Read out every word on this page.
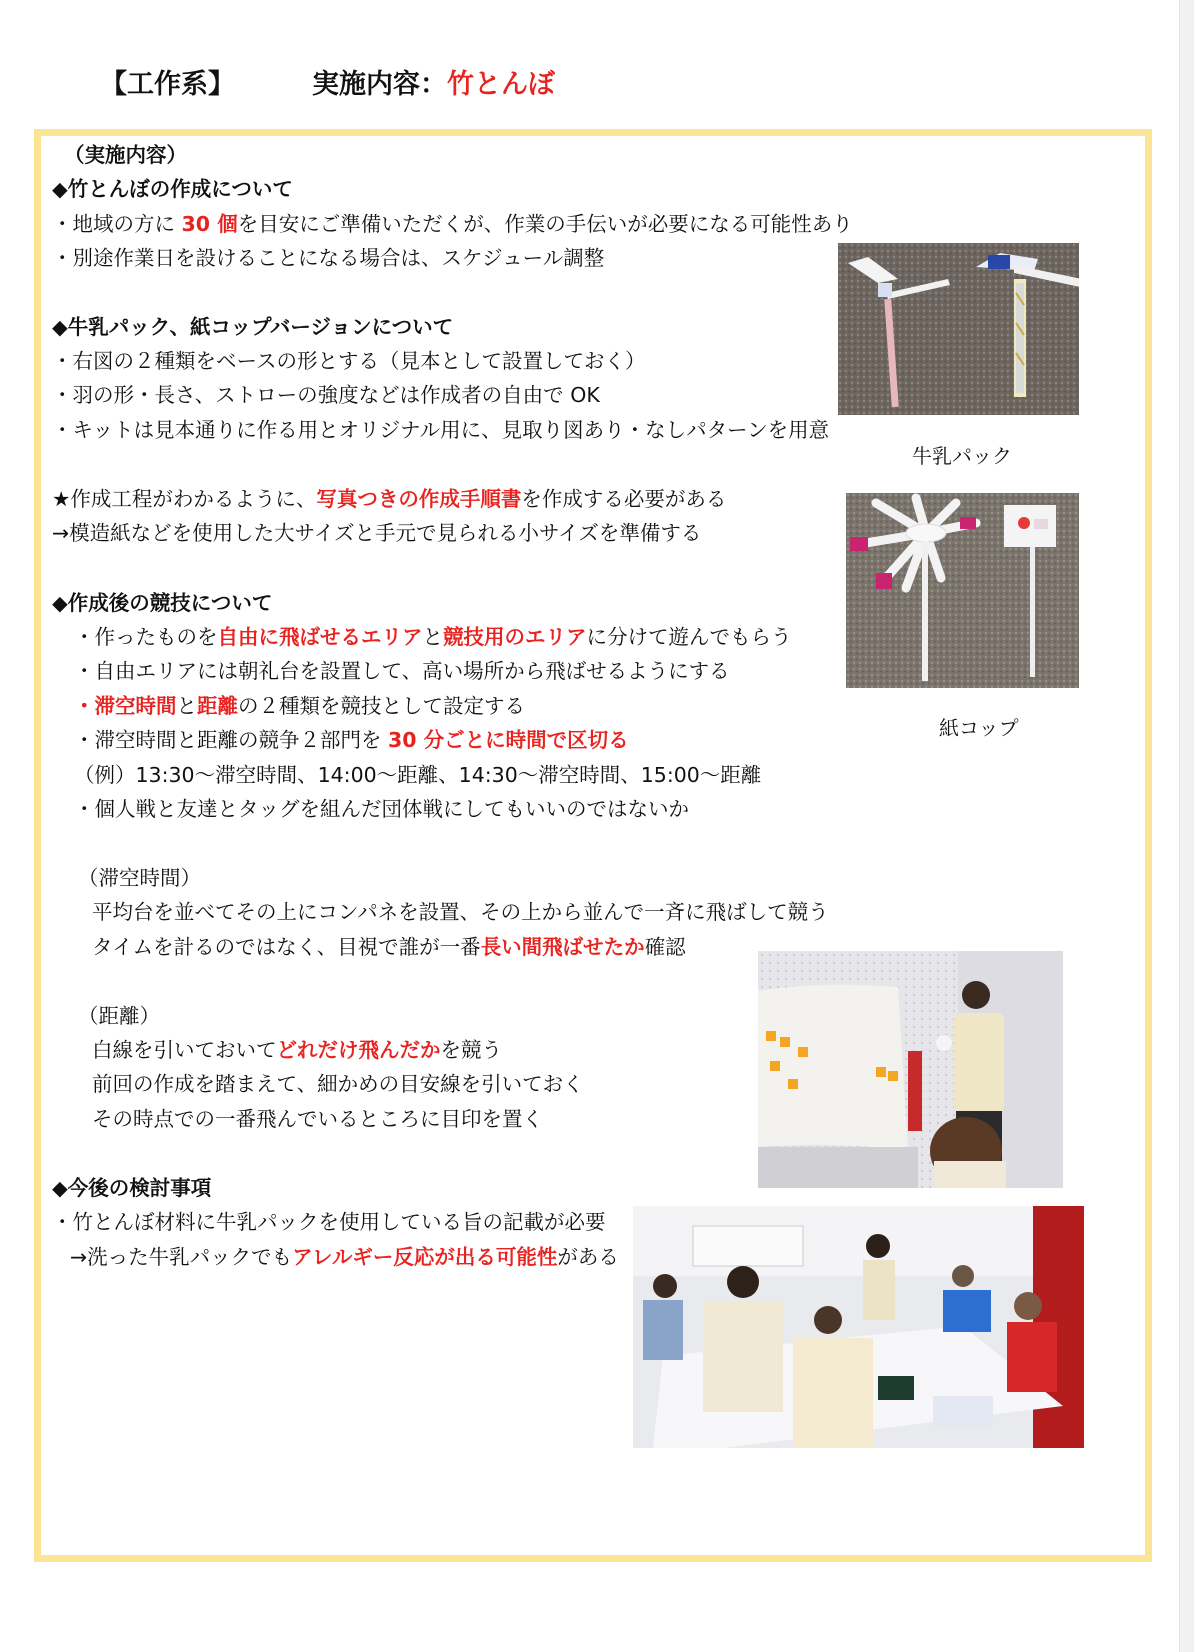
【工作系】	実施内容：竹とんぼ
（実施内容）
◆竹とんぼの作成について
・地域の方に 30 個を目安にご準備いただくが、作業の手伝いが必要になる可能性あり
・別途作業日を設けることになる場合は、スケジュール調整
◆牛乳パック、紙コップバージョンについて
・右図の２種類をベースの形とする（見本として設置しておく）
・羽の形・長さ、ストローの強度などは作成者の自由で OK
・キットは見本通りに作る用とオリジナル用に、見取り図あり・なしパターンを用意
★作成工程がわかるように、写真つきの作成手順書を作成する必要がある
→模造紙などを使用した大サイズと手元で見られる小サイズを準備する
◆作成後の競技について
・作ったものを自由に飛ばせるエリアと競技用のエリアに分けて遊んでもらう
・自由エリアには朝礼台を設置して、高い場所から飛ばせるようにする
・滞空時間と距離の２種類を競技として設定する
・滞空時間と距離の競争２部門を 30 分ごとに時間で区切る
（例）13:30～滞空時間、14:00～距離、14:30～滞空時間、15:00～距離
・個人戦と友達とタッグを組んだ団体戦にしてもいいのではないか
（滞空時間）
平均台を並べてその上にコンパネを設置、その上から並んで一斉に飛ばして競う
タイムを計るのではなく、目視で誰が一番長い間飛ばせたか確認
（距離）
白線を引いておいてどれだけ飛んだかを競う
前回の作成を踏まえて、細かめの目安線を引いておく
その時点での一番飛んでいるところに目印を置く
◆今後の検討事項
・竹とんぼ材料に牛乳パックを使用している旨の記載が必要
→洗った牛乳パックでもアレルギー反応が出る可能性がある
牛乳パック
紙コップ
